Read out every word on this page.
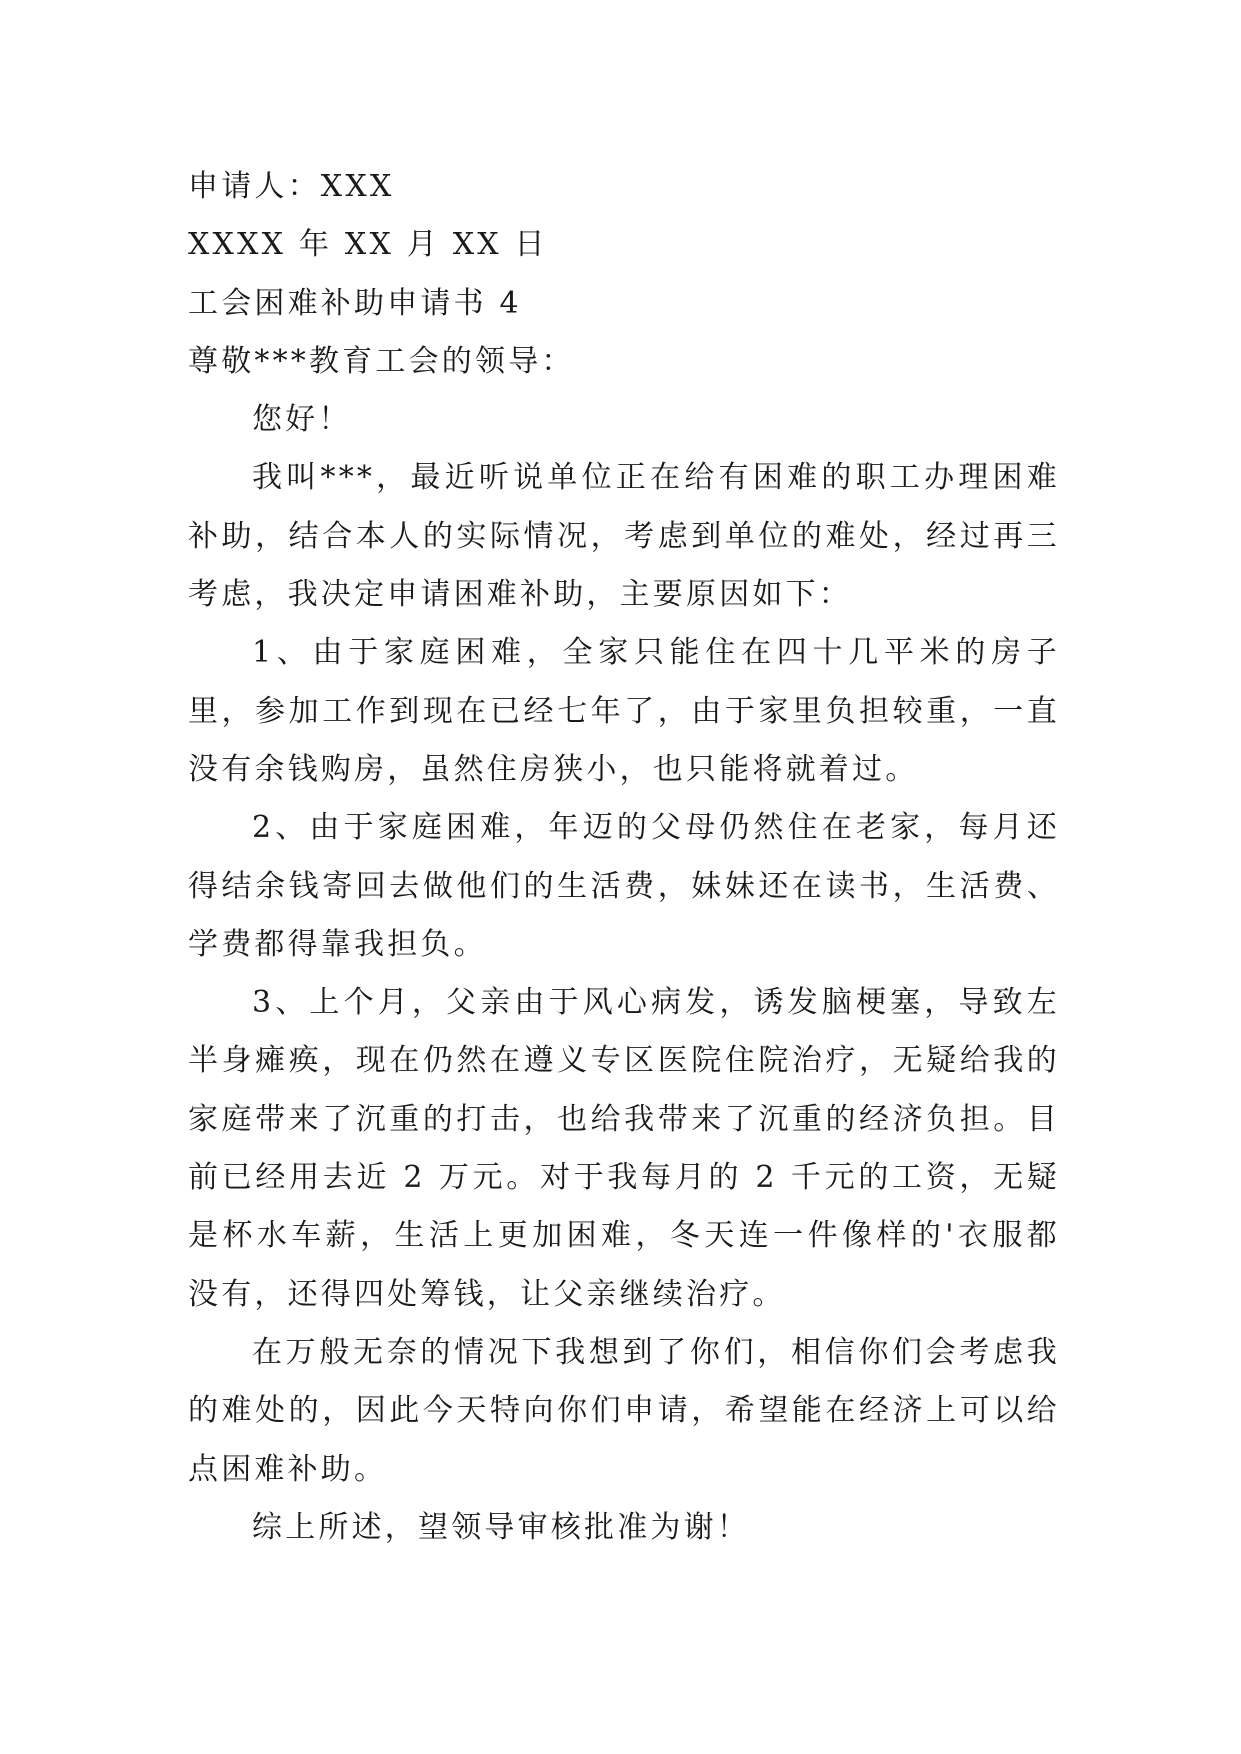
申请人：XXX

XXXX 年 XX 月 XX 日

工会困难补助申请书 4

尊敬***教育工会的领导：

您好！

我叫***，最近听说单位正在给有困难的职工办理困难补助，结合本人的实际情况，考虑到单位的难处，经过再三考虑，我决定申请困难补助，主要原因如下：

1、由于家庭困难，全家只能住在四十几平米的房子里，参加工作到现在已经七年了，由于家里负担较重，一直没有余钱购房，虽然住房狭小，也只能将就着过。

2、由于家庭困难，年迈的父母仍然住在老家，每月还得结余钱寄回去做他们的生活费，妹妹还在读书，生活费、学费都得靠我担负。

3、上个月，父亲由于风心病发，诱发脑梗塞，导致左半身瘫痪，现在仍然在遵义专区医院住院治疗，无疑给我的家庭带来了沉重的打击，也给我带来了沉重的经济负担。目前已经用去近 2 万元。对于我每月的 2 千元的工资，无疑是杯水车薪，生活上更加困难，冬天连一件像样的'衣服都没有，还得四处筹钱，让父亲继续治疗。

在万般无奈的情况下我想到了你们，相信你们会考虑我的难处的，因此今天特向你们申请，希望能在经济上可以给点困难补助。

综上所述，望领导审核批准为谢！
